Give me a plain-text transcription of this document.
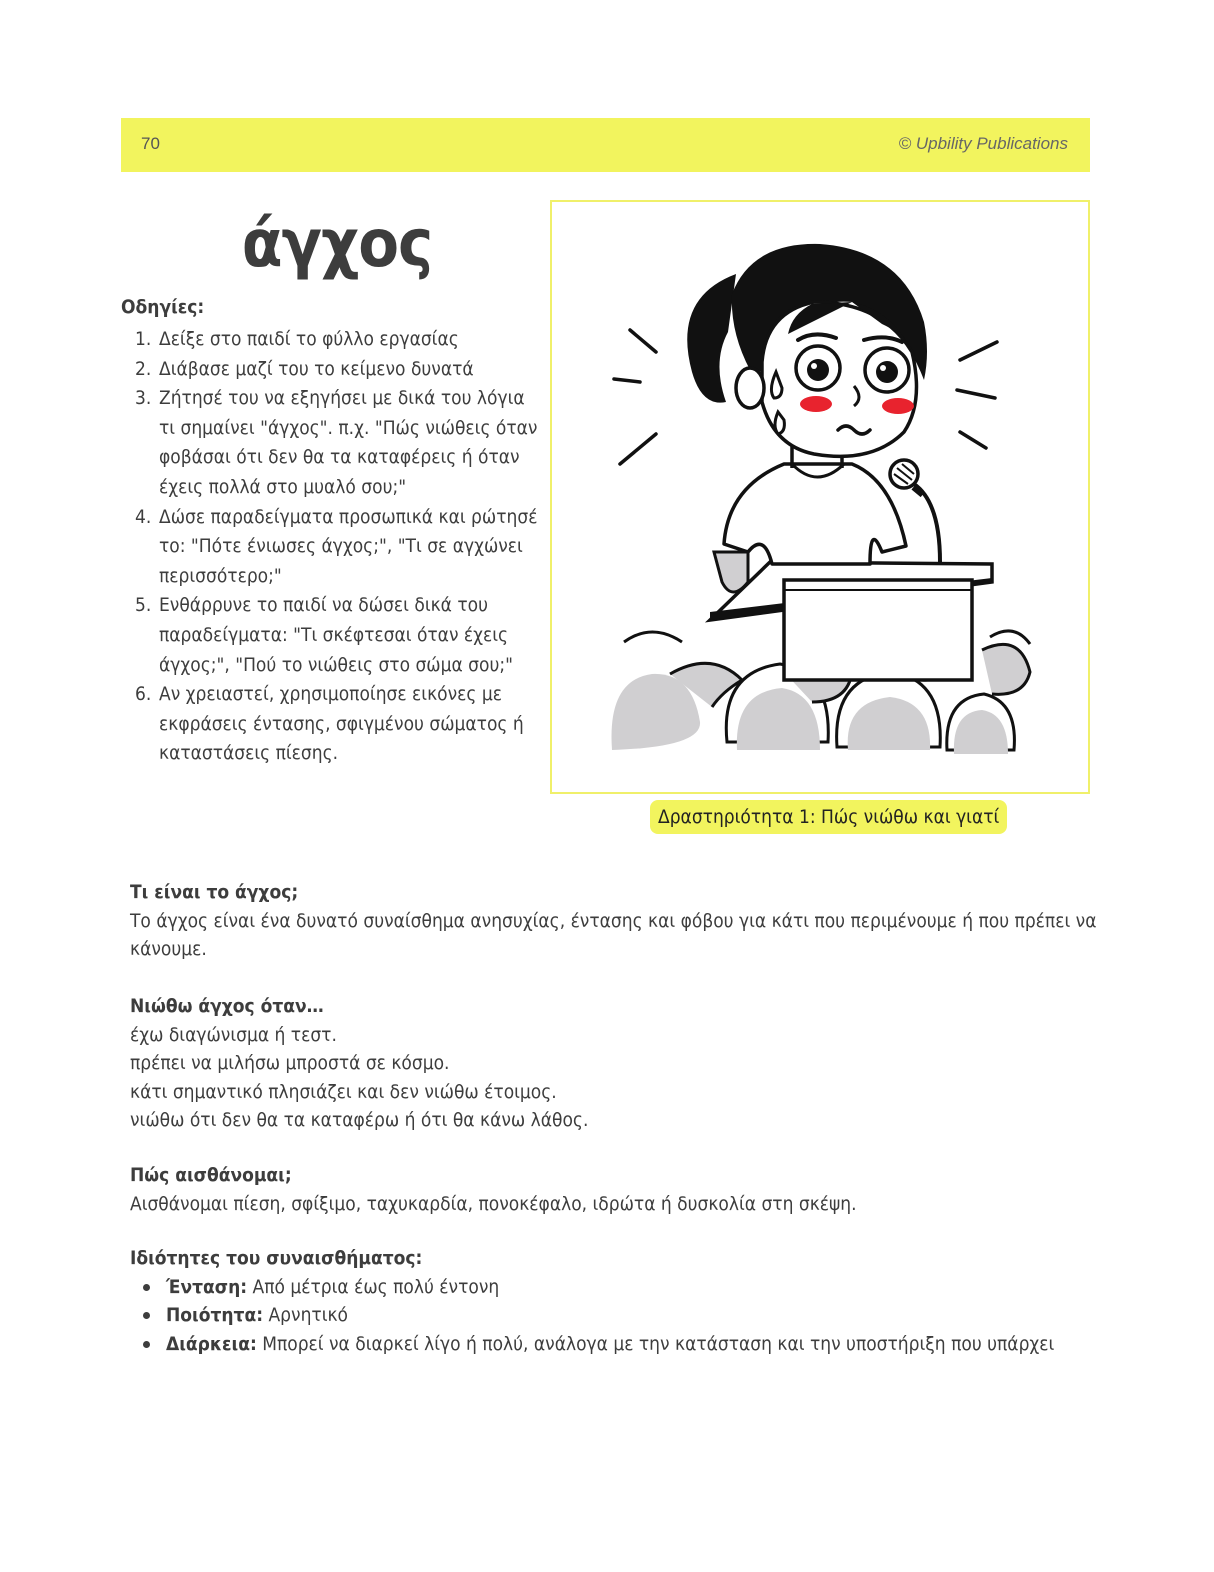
70	© Upbility Publications
άγχος
Οδηγίες:
1. Δείξε στο παιδί το φύλλο εργασίας
2. Διάβασε μαζί του το κείμενο δυνατά
3. Ζήτησέ του να εξηγήσει με δικά του λόγια τι σημαίνει "άγχος". π.χ. "Πώς νιώθεις όταν φοβάσαι ότι δεν θα τα καταφέρεις ή όταν έχεις πολλά στο μυαλό σου;"
4. Δώσε παραδείγματα προσωπικά και ρώτησέ το: "Πότε ένιωσες άγχος;", "Τι σε αγχώνει περισσότερο;"
5. Ενθάρρυνε το παιδί να δώσει δικά του παραδείγματα: "Τι σκέφτεσαι όταν έχεις άγχος;", "Πού το νιώθεις στο σώμα σου;"
6. Αν χρειαστεί, χρησιμοποίησε εικόνες με εκφράσεις έντασης, σφιγμένου σώματος ή καταστάσεις πίεσης.
Δραστηριότητα 1: Πώς νιώθω και γιατί
Τι είναι το άγχος;
Το άγχος είναι ένα δυνατό συναίσθημα ανησυχίας, έντασης και φόβου για κάτι που περιμένουμε ή που πρέπει να κάνουμε.
Νιώθω άγχος όταν…
έχω διαγώνισμα ή τεστ.
πρέπει να μιλήσω μπροστά σε κόσμο.
κάτι σημαντικό πλησιάζει και δεν νιώθω έτοιμος.
νιώθω ότι δεν θα τα καταφέρω ή ότι θα κάνω λάθος.
Πώς αισθάνομαι;
Αισθάνομαι πίεση, σφίξιμο, ταχυκαρδία, πονοκέφαλο, ιδρώτα ή δυσκολία στη σκέψη.
Ιδιότητες του συναισθήματος:
Ένταση: Από μέτρια έως πολύ έντονη
Ποιότητα: Αρνητικό
Διάρκεια: Μπορεί να διαρκεί λίγο ή πολύ, ανάλογα με την κατάσταση και την υποστήριξη που υπάρχει
